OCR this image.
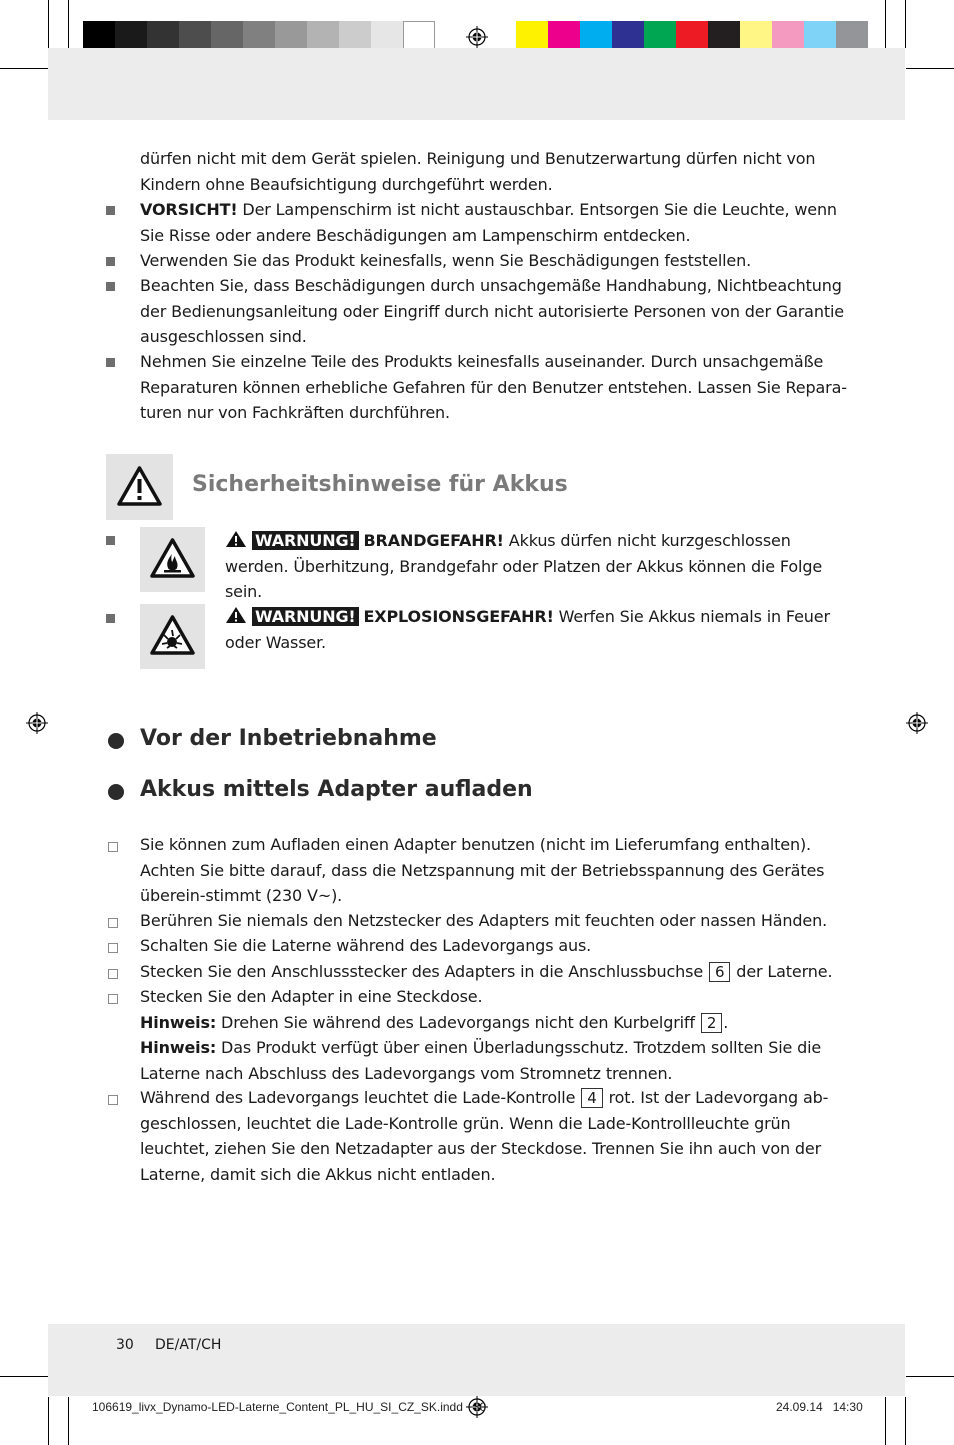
dürfen nicht mit dem Gerät spielen. Reinigung und Benutzerwartung dürfen nicht von Kindern ohne Beaufsichtigung durchgeführt werden.
VORSICHT! Der Lampenschirm ist nicht austauschbar. Entsorgen Sie die Leuchte, wenn Sie Risse oder andere Beschädigungen am Lampenschirm entdecken.
Verwenden Sie das Produkt keinesfalls, wenn Sie Beschädigungen feststellen.
Beachten Sie, dass Beschädigungen durch unsachgemäße Handhabung, Nichtbeachtung der Bedienungsanleitung oder Eingriff durch nicht autorisierte Personen von der Garantie ausgeschlossen sind.
Nehmen Sie einzelne Teile des Produkts keinesfalls auseinander. Durch unsachgemäße Reparaturen können erhebliche Gefahren für den Benutzer entstehen. Lassen Sie Repara-turen nur von Fachkräften durchführen.
Sicherheitshinweise für Akkus
WARNUNG! BRANDGEFAHR! Akkus dürfen nicht kurzgeschlossen werden. Überhitzung, Brandgefahr oder Platzen der Akkus können die Folge sein.
WARNUNG! EXPLOSIONSGEFAHR! Werfen Sie Akkus niemals in Feuer oder Wasser.
Vor der Inbetriebnahme
Akkus mittels Adapter aufladen
Sie können zum Aufladen einen Adapter benutzen (nicht im Lieferumfang enthalten). Achten Sie bitte darauf, dass die Netzspannung mit der Betriebsspannung des Gerätes überein-stimmt (230 V~).
Berühren Sie niemals den Netzstecker des Adapters mit feuchten oder nassen Händen.
Schalten Sie die Laterne während des Ladevorgangs aus.
Stecken Sie den Anschlussstecker des Adapters in die Anschlussbuchse 6 der Laterne.
Stecken Sie den Adapter in eine Steckdose.
Hinweis: Drehen Sie während des Ladevorgangs nicht den Kurbelgriff 2 .
Hinweis: Das Produkt verfügt über einen Überladungsschutz. Trotzdem sollten Sie die Laterne nach Abschluss des Ladevorgangs vom Stromnetz trennen.
Während des Ladevorgangs leuchtet die Lade-Kontrolle 4 rot. Ist der Ladevorgang ab-geschlossen, leuchtet die Lade-Kontrolle grün. Wenn die Lade-Kontrollleuchte grün leuchtet, ziehen Sie den Netzadapter aus der Steckdose. Trennen Sie ihn auch von der Laterne, damit sich die Akkus nicht entladen.
30 DE/AT/CH
106619_livx_Dynamo-LED-Laterne_Content_PL_HU_SI_CZ_SK.indd   30	24.09.14   14:30
